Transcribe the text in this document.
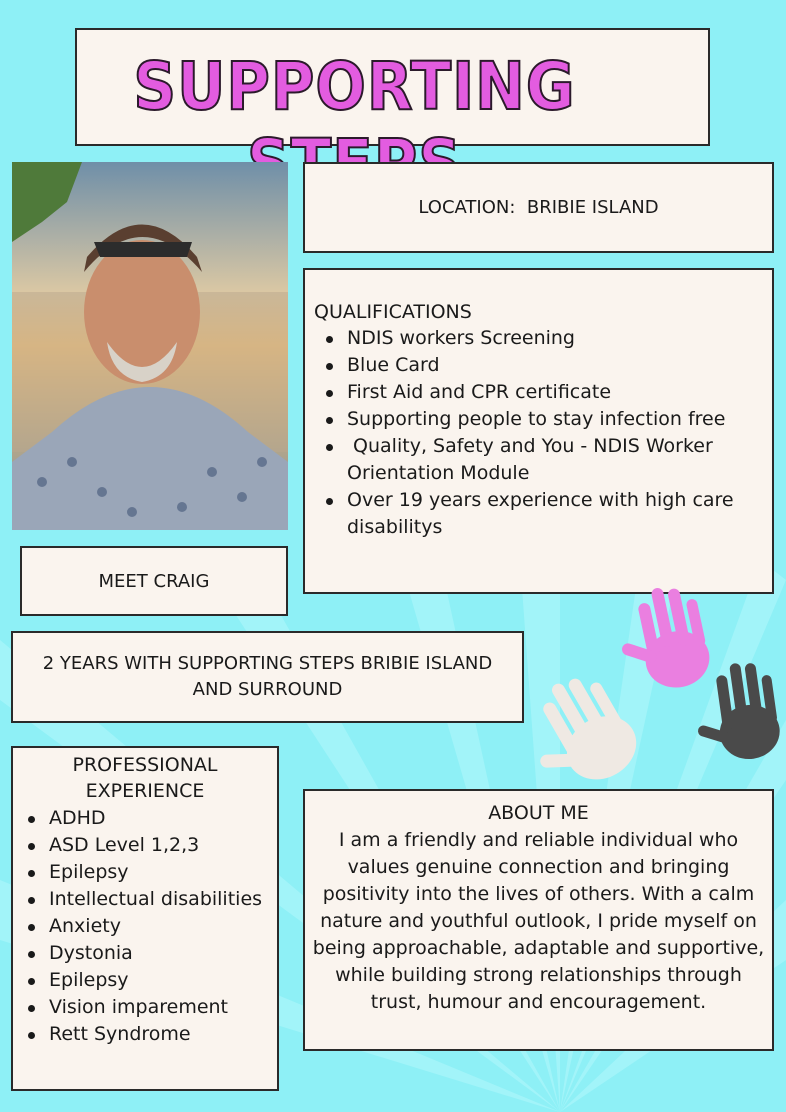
SUPPORTING
LOCATION:  BRIBIE ISLAND
QUALIFICATIONS
NDIS workers Screening
Blue Card
First Aid and CPR certificate
Supporting people to stay infection free
Quality, Safety and You - NDIS Worker Orientation Module
Over 19 years experience with high care disabilitys
MEET CRAIG
2 YEARS WITH SUPPORTING STEPS BRIBIE ISLAND AND SURROUND
PROFESSIONAL EXPERIENCE
ADHD
ASD Level 1,2,3
Epilepsy
Intellectual disabilities
Anxiety
Dystonia
Epilepsy
Vision imparement
Rett Syndrome
ABOUT ME
I am a friendly and reliable individual who values genuine connection and bringing positivity into the lives of others. With a calm nature and youthful outlook, I pride myself on being approachable, adaptable and supportive, while building strong relationships through trust, humour and encouragement.
